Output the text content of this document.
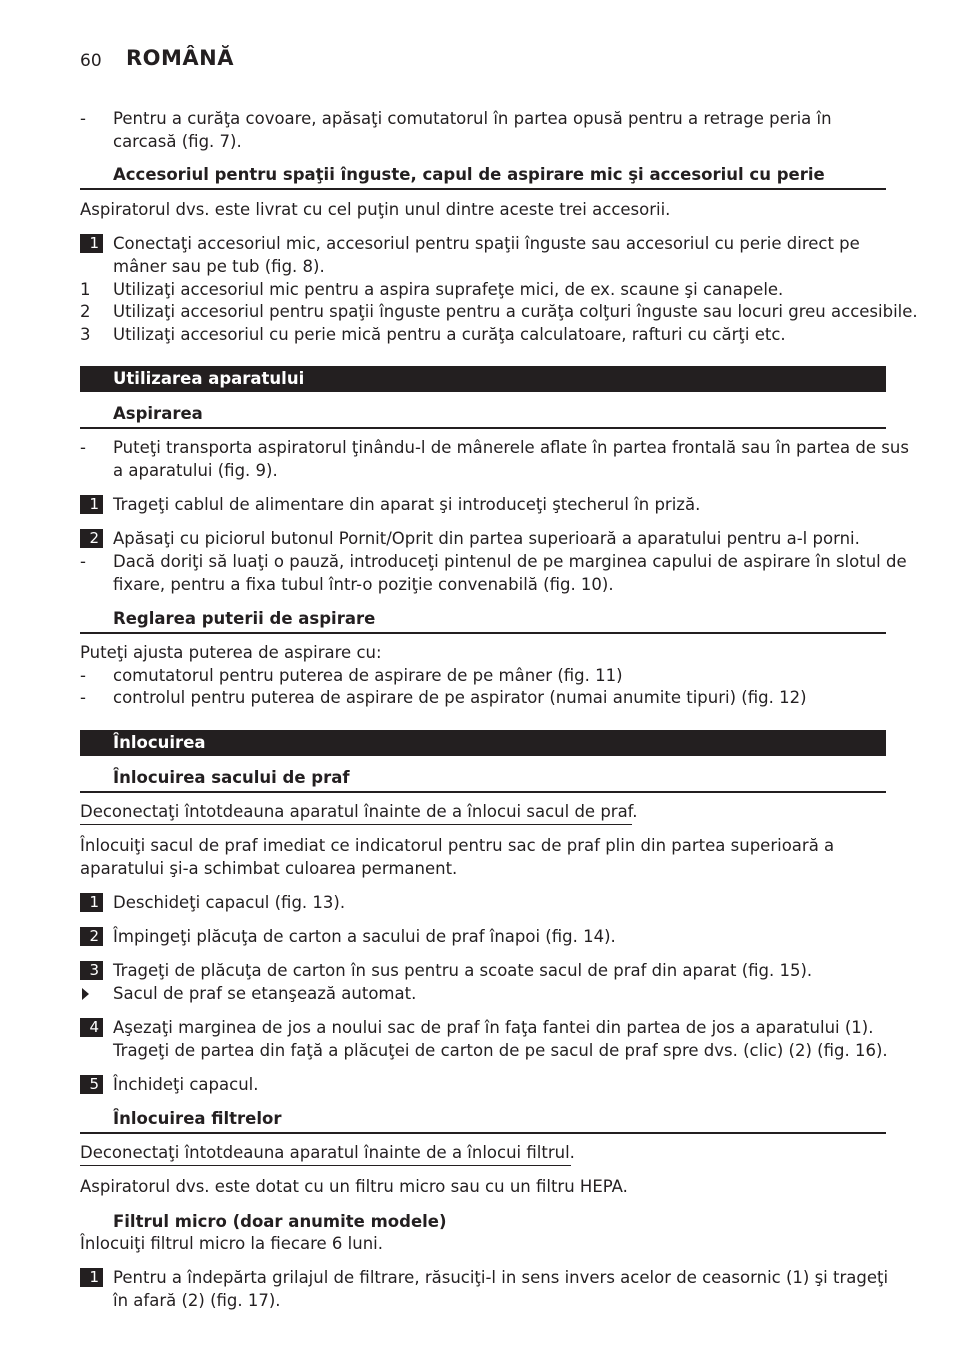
60 ROMÂNĂ
- Pentru a curăţa covoare, apăsaţi comutatorul în partea opusă pentru a retrage peria în
carcasă (fig. 7).
Accesoriul pentru spaţii înguste, capul de aspirare mic şi accesoriul cu perie
Aspiratorul dvs. este livrat cu cel puţin unul dintre aceste trei accesorii.
1 Conectaţi accesoriul mic, accesoriul pentru spaţii înguste sau accesoriul cu perie direct pe
mâner sau pe tub (fig. 8).
1 Utilizaţi accesoriul mic pentru a aspira suprafeţe mici, de ex. scaune şi canapele.
2 Utilizaţi accesoriul pentru spaţii înguste pentru a curăţa colţuri înguste sau locuri greu accesibile.
3 Utilizaţi accesoriul cu perie mică pentru a curăţa calculatoare, rafturi cu cărţi etc.
Utilizarea aparatului
Aspirarea
- Puteţi transporta aspiratorul ţinându-l de mânerele aflate în partea frontală sau în partea de sus
a aparatului (fig. 9).
1 Trageţi cablul de alimentare din aparat şi introduceţi ştecherul în priză.
2 Apăsaţi cu piciorul butonul Pornit/Oprit din partea superioară a aparatului pentru a-l porni.
- Dacă doriţi să luaţi o pauză, introduceţi pintenul de pe marginea capului de aspirare în slotul de
fixare, pentru a fixa tubul într-o poziţie convenabilă (fig. 10).
Reglarea puterii de aspirare
Puteţi ajusta puterea de aspirare cu:
- comutatorul pentru puterea de aspirare de pe mâner (fig. 11)
- controlul pentru puterea de aspirare de pe aspirator (numai anumite tipuri) (fig. 12)
Înlocuirea
Înlocuirea sacului de praf
Deconectaţi întotdeauna aparatul înainte de a înlocui sacul de praf.
Înlocuiţi sacul de praf imediat ce indicatorul pentru sac de praf plin din partea superioară a
aparatului şi-a schimbat culoarea permanent.
1 Deschideţi capacul (fig. 13).
2 Împingeţi plăcuţa de carton a sacului de praf înapoi (fig. 14).
3 Trageţi de plăcuţa de carton în sus pentru a scoate sacul de praf din aparat (fig. 15).
Sacul de praf se etanşează automat.
4 Aşezaţi marginea de jos a noului sac de praf în faţa fantei din partea de jos a aparatului (1).
Trageţi de partea din faţă a plăcuţei de carton de pe sacul de praf spre dvs. (clic) (2) (fig. 16).
5 Închideţi capacul.
Înlocuirea filtrelor
Deconectaţi întotdeauna aparatul înainte de a înlocui filtrul.
Aspiratorul dvs. este dotat cu un filtru micro sau cu un filtru HEPA.
Filtrul micro (doar anumite modele)
Înlocuiţi filtrul micro la fiecare 6 luni.
1 Pentru a îndepărta grilajul de filtrare, răsuciţi-l in sens invers acelor de ceasornic (1) şi trageţi
în afară (2) (fig. 17).
